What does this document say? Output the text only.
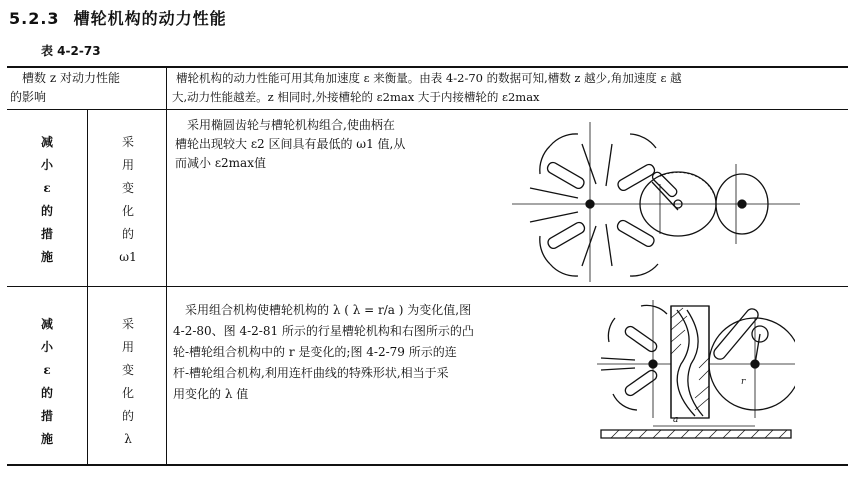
5.2.3 槽轮机构的动力性能
表 4-2-73
槽数 z 对动力性能
的影响
槽轮机构的动力性能可用其角加速度 ε 来衡量。由表 4-2-70 的数据可知,槽数 z 越少,角加速度 ε 越
大,动力性能越差。z 相同时,外接槽轮的 ε2max 大于内接槽轮的 ε2max
减
小
ε
的
措
施
采
用
变
化
的
ω1
采用椭圆齿轮与槽轮机构组合,使曲柄在
槽轮出现较大 ε2 区间具有最低的 ω1 值,从
而减小 ε2max值
减
小
ε
的
措
施
采
用
变
化
的
λ
采用组合机构使槽轮机构的 λ ( λ = r/a ) 为变化值,图
4-2-80、图 4-2-81 所示的行星槽轮机构和右图所示的凸
轮-槽轮组合机构中的 r 是变化的;图 4-2-79 所示的连
杆-槽轮组合机构,利用连杆曲线的特殊形状,相当于采
用变化的 λ 值
r
a
